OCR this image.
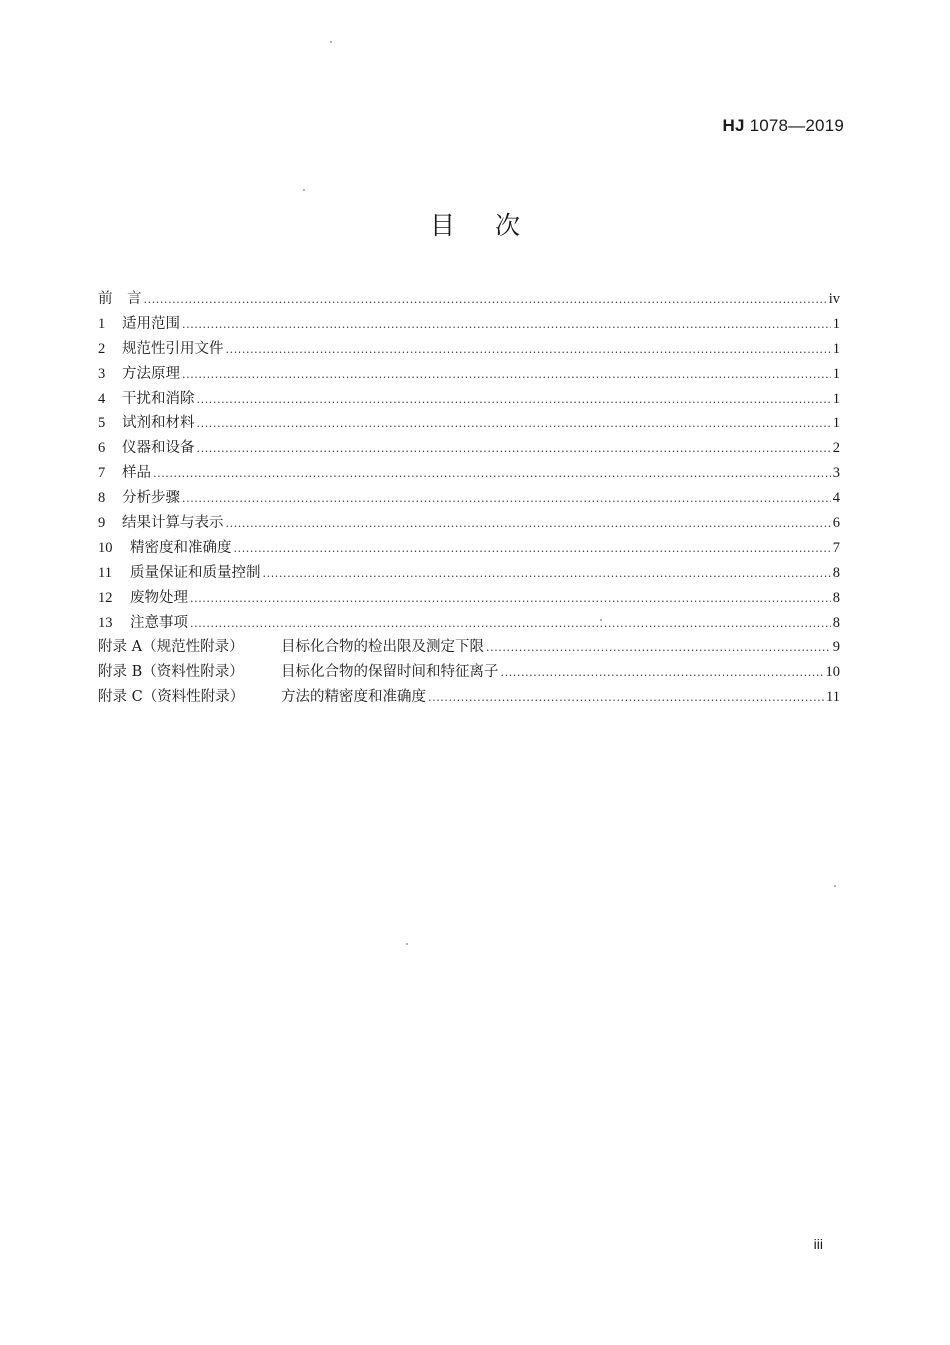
HJ 1078—2019
目次
前　言 .....	iv
1	适用范围 .....	1
2	规范性引用文件 .....	1
3	方法原理 .....	1
4	干扰和消除 .....	1
5	试剂和材料 .....	1
6	仪器和设备 .....	2
7	样品 .....	3
8	分析步骤 .....	4
9	结果计算与表示 .....	6
10	精密度和准确度 .....	7
11	质量保证和质量控制 .....	8
12	废物处理 .....	8
13	注意事项 .....	8
附录 A（规范性附录）	目标化合物的检出限及测定下限 .....	9
附录 B（资料性附录）	目标化合物的保留时间和特征离子 .....	10
附录 C（资料性附录）	方法的精密度和准确度 .....	11
iii
